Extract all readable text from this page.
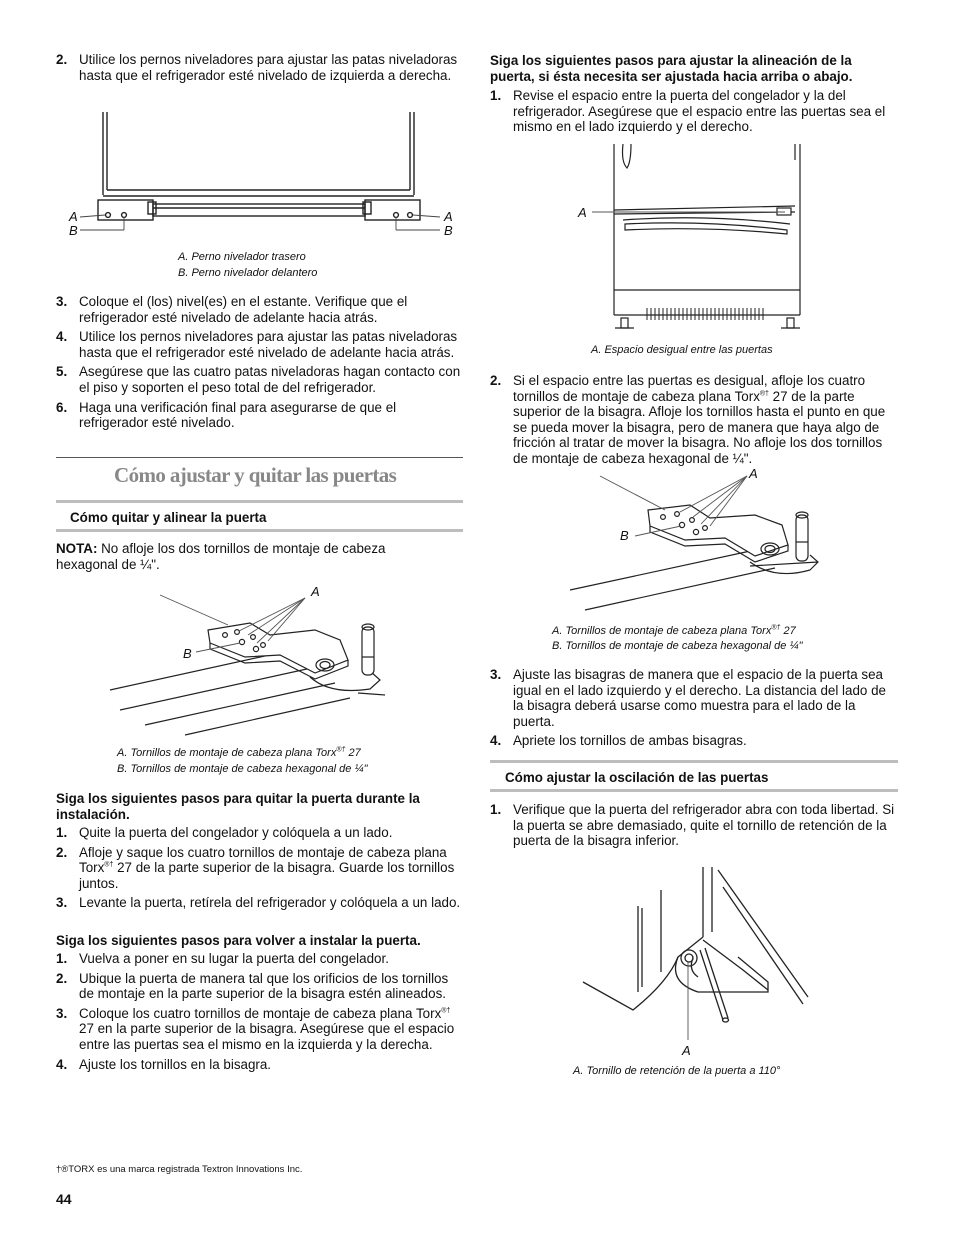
2. Utilice los pernos niveladores para ajustar las patas niveladoras hasta que el refrigerador esté nivelado de izquierda a derecha.
A
B
A
B
A. Perno nivelador trasero
B. Perno nivelador delantero
3. Coloque el (los) nivel(es) en el estante. Verifique que el refrigerador esté nivelado de adelante hacia atrás.
4. Utilice los pernos niveladores para ajustar las patas niveladoras hasta que el refrigerador esté nivelado de adelante hacia atrás.
5. Asegúrese que las cuatro patas niveladoras hagan contacto con el piso y soporten el peso total de del refrigerador.
6. Haga una verificación final para asegurarse de que el refrigerador esté nivelado.
Cómo ajustar y quitar las puertas
Cómo quitar y alinear la puerta
NOTA: No afloje los dos tornillos de montaje de cabeza hexagonal de ¼".
A
B
A. Tornillos de montaje de cabeza plana Torx®† 27
B. Tornillos de montaje de cabeza hexagonal de ¼"
Siga los siguientes pasos para quitar la puerta durante la instalación.
1. Quite la puerta del congelador y colóquela a un lado.
2. Afloje y saque los cuatro tornillos de montaje de cabeza plana Torx®† 27 de la parte superior de la bisagra. Guarde los tornillos juntos.
3. Levante la puerta, retírela del refrigerador y colóquela a un lado.
Siga los siguientes pasos para volver a instalar la puerta.
1. Vuelva a poner en su lugar la puerta del congelador.
2. Ubique la puerta de manera tal que los orificios de los tornillos de montaje en la parte superior de la bisagra estén alineados.
3. Coloque los cuatro tornillos de montaje de cabeza plana Torx®† 27 en la parte superior de la bisagra. Asegúrese que el espacio entre las puertas sea el mismo en la izquierda y la derecha.
4. Ajuste los tornillos en la bisagra.
†®TORX es una marca registrada Textron Innovations Inc.
44
Siga los siguientes pasos para ajustar la alineación de la puerta, si ésta necesita ser ajustada hacia arriba o abajo.
1. Revise el espacio entre la puerta del congelador y la del refrigerador. Asegúrese que el espacio entre las puertas sea el mismo en el lado izquierdo y el derecho.
A
A. Espacio desigual entre las puertas
2. Si el espacio entre las puertas es desigual, afloje los cuatro tornillos de montaje de cabeza plana Torx®† 27 de la parte superior de la bisagra. Afloje los tornillos hasta el punto en que se pueda mover la bisagra, pero de manera que haya algo de fricción al tratar de mover la bisagra. No afloje los dos tornillos de montaje de cabeza hexagonal de ¼".
A
B
A. Tornillos de montaje de cabeza plana Torx®† 27
B. Tornillos de montaje de cabeza hexagonal de ¼"
3. Ajuste las bisagras de manera que el espacio de la puerta sea igual en el lado izquierdo y el derecho. La distancia del lado de la bisagra deberá usarse como muestra para el lado de la puerta.
4. Apriete los tornillos de ambas bisagras.
Cómo ajustar la oscilación de las puertas
1. Verifique que la puerta del refrigerador abra con toda libertad. Si la puerta se abre demasiado, quite el tornillo de retención de la puerta de la bisagra inferior.
A
A. Tornillo de retención de la puerta a 110°
